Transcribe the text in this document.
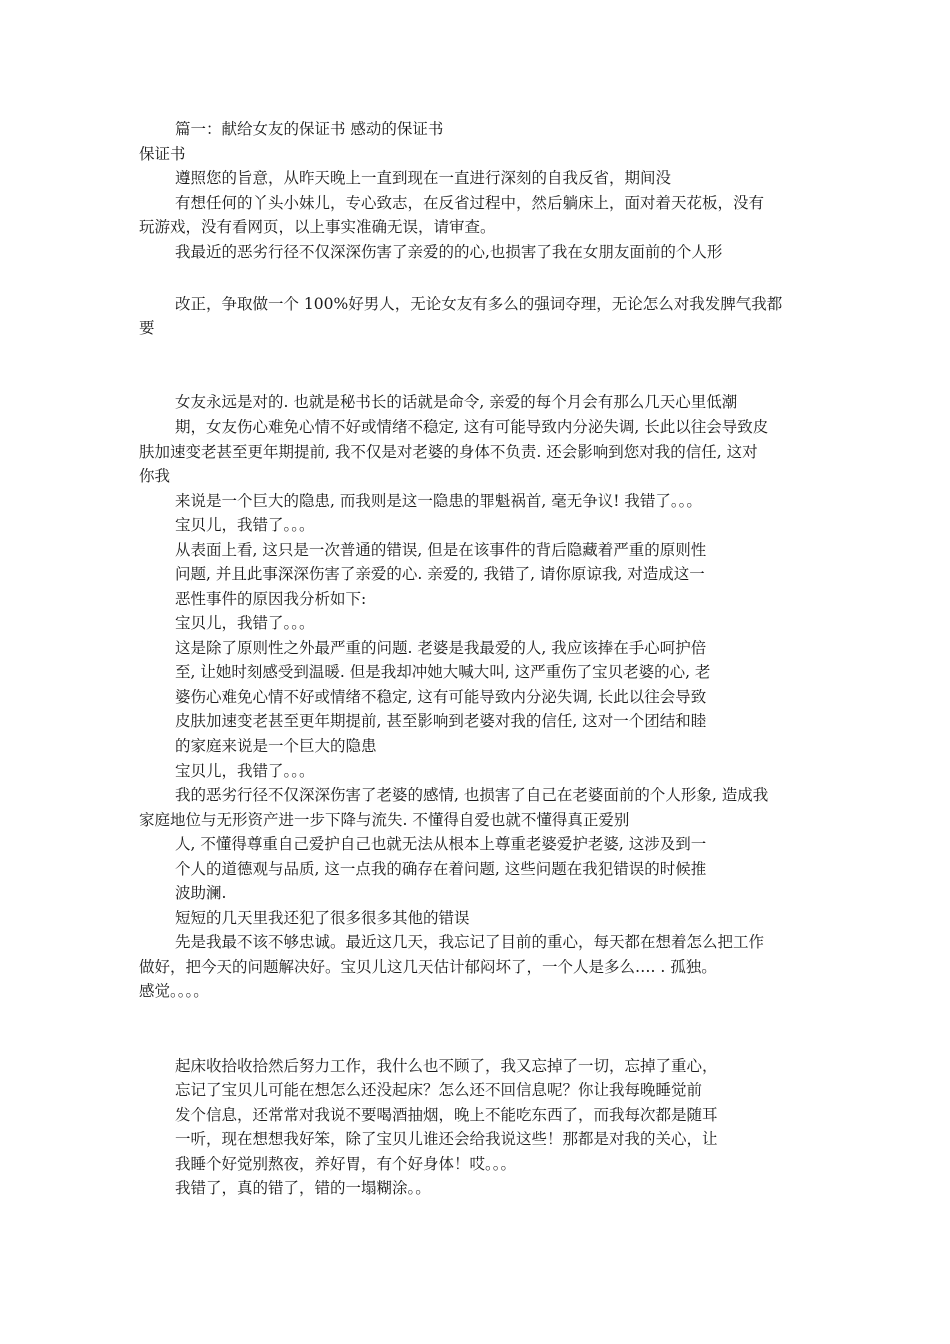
篇一：献给女友的保证书 感动的保证书

保证书

遵照您的旨意，从昨天晚上一直到现在一直进行深刻的自我反省，期间没

有想任何的丫头小妹儿，专心致志，在反省过程中，然后躺床上，面对着天花板，没有

玩游戏，没有看网页，以上事实准确无误，请审查。

我最近的恶劣行径不仅深深伤害了亲爱的的心,也损害了我在女朋友面前的个人形

改正，争取做一个 100%好男人，无论女友有多么的强词夺理，无论怎么对我发脾气我都

要

女友永远是对的. 也就是秘书长的话就是命令, 亲爱的每个月会有那么几天心里低潮

期，女友伤心难免心情不好或情绪不稳定, 这有可能导致内分泌失调, 长此以往会导致皮

肤加速变老甚至更年期提前, 我不仅是对老婆的身体不负责. 还会影响到您对我的信任, 这对

你我

来说是一个巨大的隐患, 而我则是这一隐患的罪魁祸首, 毫无争议! 我错了。。。

宝贝儿，我错了。。。

从表面上看, 这只是一次普通的错误, 但是在该事件的背后隐藏着严重的原则性

问题, 并且此事深深伤害了亲爱的心. 亲爱的, 我错了, 请你原谅我, 对造成这一

恶性事件的原因我分析如下:

宝贝儿，我错了。。。

这是除了原则性之外最严重的问题. 老婆是我最爱的人, 我应该捧在手心呵护倍

至, 让她时刻感受到温暖. 但是我却冲她大喊大叫, 这严重伤了宝贝老婆的心, 老

婆伤心难免心情不好或情绪不稳定, 这有可能导致内分泌失调, 长此以往会导致

皮肤加速变老甚至更年期提前, 甚至影响到老婆对我的信任, 这对一个团结和睦

的家庭来说是一个巨大的隐患

宝贝儿，我错了。。。

我的恶劣行径不仅深深伤害了老婆的感情, 也损害了自己在老婆面前的个人形象, 造成我

家庭地位与无形资产进一步下降与流失. 不懂得自爱也就不懂得真正爱别

人, 不懂得尊重自己爱护自己也就无法从根本上尊重老婆爱护老婆, 这涉及到一

个人的道德观与品质, 这一点我的确存在着问题, 这些问题在我犯错误的时候推

波助澜.

短短的几天里我还犯了很多很多其他的错误

先是我最不该不够忠诚。最近这几天，我忘记了目前的重心，每天都在想着怎么把工作

做好，把今天的问题解决好。宝贝儿这几天估计郁闷坏了，一个人是多么…. . 孤独。

感觉。。。。

起床收拾收拾然后努力工作，我什么也不顾了，我又忘掉了一切，忘掉了重心，

忘记了宝贝儿可能在想怎么还没起床？怎么还不回信息呢？你让我每晚睡觉前

发个信息，还常常对我说不要喝酒抽烟，晚上不能吃东西了，而我每次都是随耳

一听，现在想想我好笨，除了宝贝儿谁还会给我说这些！那都是对我的关心，让

我睡个好觉别熬夜，养好胃，有个好身体！哎。。。

我错了，真的错了，错的一塌糊涂。。
